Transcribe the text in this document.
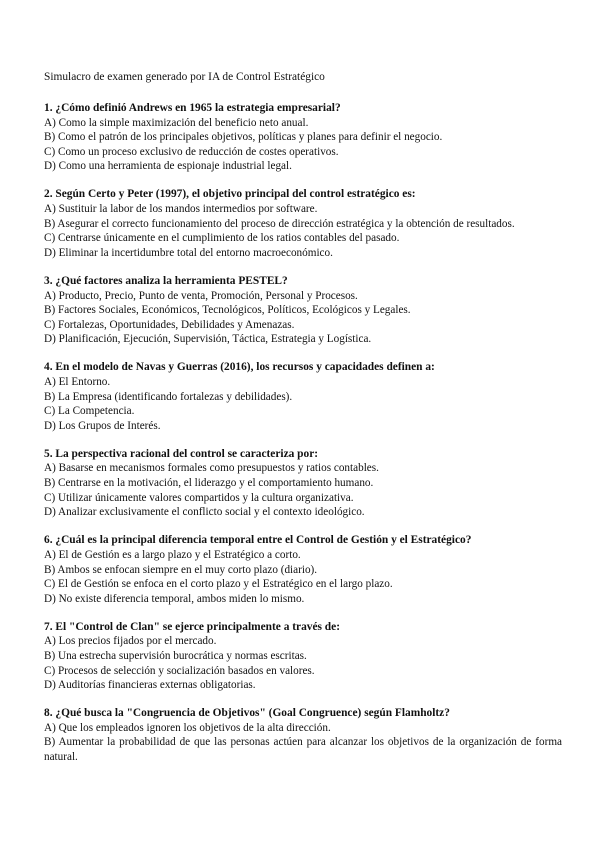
Simulacro de examen generado por IA de Control Estratégico
1. ¿Cómo definió Andrews en 1965 la estrategia empresarial?
A) Como la simple maximización del beneficio neto anual.
B) Como el patrón de los principales objetivos, políticas y planes para definir el negocio.
C) Como un proceso exclusivo de reducción de costes operativos.
D) Como una herramienta de espionaje industrial legal.
2. Según Certo y Peter (1997), el objetivo principal del control estratégico es:
A) Sustituir la labor de los mandos intermedios por software.
B) Asegurar el correcto funcionamiento del proceso de dirección estratégica y la obtención de resultados.
C) Centrarse únicamente en el cumplimiento de los ratios contables del pasado.
D) Eliminar la incertidumbre total del entorno macroeconómico.
3. ¿Qué factores analiza la herramienta PESTEL?
A) Producto, Precio, Punto de venta, Promoción, Personal y Procesos.
B) Factores Sociales, Económicos, Tecnológicos, Políticos, Ecológicos y Legales.
C) Fortalezas, Oportunidades, Debilidades y Amenazas.
D) Planificación, Ejecución, Supervisión, Táctica, Estrategia y Logística.
4. En el modelo de Navas y Guerras (2016), los recursos y capacidades definen a:
A) El Entorno.
B) La Empresa (identificando fortalezas y debilidades).
C) La Competencia.
D) Los Grupos de Interés.
5. La perspectiva racional del control se caracteriza por:
A) Basarse en mecanismos formales como presupuestos y ratios contables.
B) Centrarse en la motivación, el liderazgo y el comportamiento humano.
C) Utilizar únicamente valores compartidos y la cultura organizativa.
D) Analizar exclusivamente el conflicto social y el contexto ideológico.
6. ¿Cuál es la principal diferencia temporal entre el Control de Gestión y el Estratégico?
A) El de Gestión es a largo plazo y el Estratégico a corto.
B) Ambos se enfocan siempre en el muy corto plazo (diario).
C) El de Gestión se enfoca en el corto plazo y el Estratégico en el largo plazo.
D) No existe diferencia temporal, ambos miden lo mismo.
7. El "Control de Clan" se ejerce principalmente a través de:
A) Los precios fijados por el mercado.
B) Una estrecha supervisión burocrática y normas escritas.
C) Procesos de selección y socialización basados en valores.
D) Auditorías financieras externas obligatorias.
8. ¿Qué busca la "Congruencia de Objetivos" (Goal Congruence) según Flamholtz?
A) Que los empleados ignoren los objetivos de la alta dirección.
B) Aumentar la probabilidad de que las personas actúen para alcanzar los objetivos de la organización de forma natural.
